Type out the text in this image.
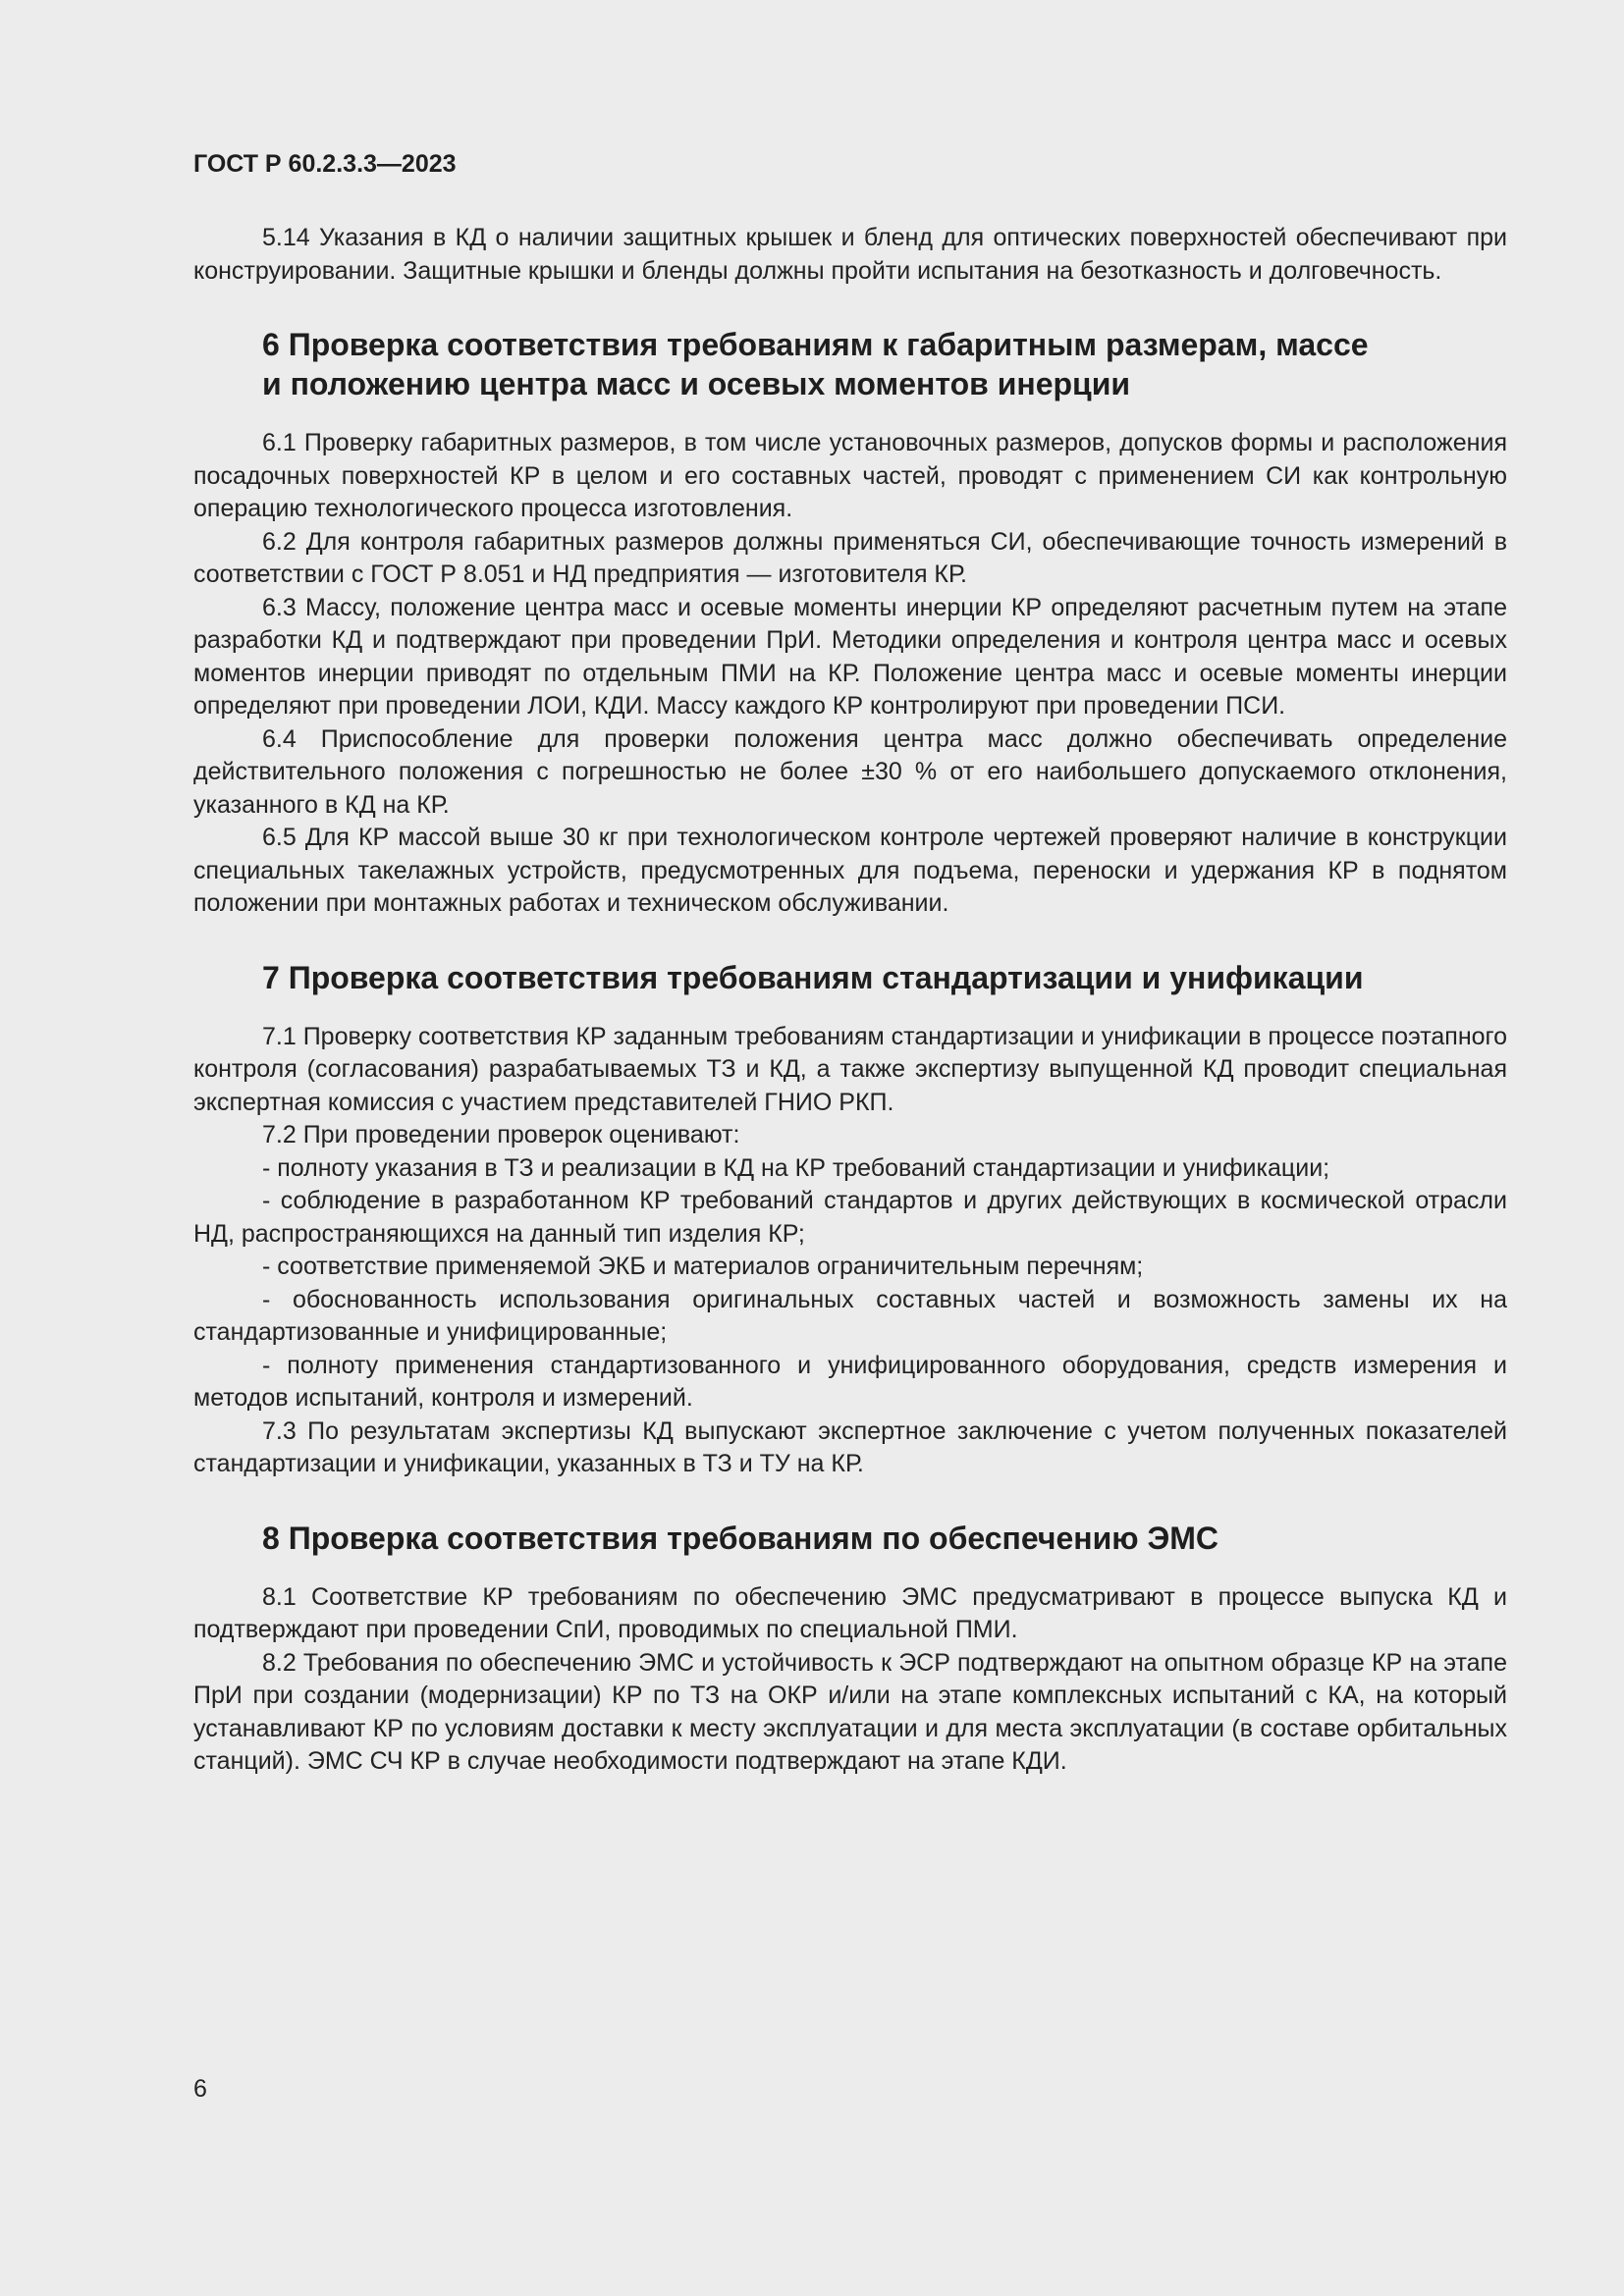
ГОСТ Р 60.2.3.3—2023

5.14 Указания в КД о наличии защитных крышек и бленд для оптических поверхностей обеспечивают при конструировании. Защитные крышки и бленды должны пройти испытания на безотказность и долговечность.

6 Проверка соответствия требованиям к габаритным размерам, массе
и положению центра масс и осевых моментов инерции

6.1 Проверку габаритных размеров, в том числе установочных размеров, допусков формы и расположения посадочных поверхностей КР в целом и его составных частей, проводят с применением СИ как контрольную операцию технологического процесса изготовления.

6.2 Для контроля габаритных размеров должны применяться СИ, обеспечивающие точность измерений в соответствии с ГОСТ Р 8.051 и НД предприятия — изготовителя КР.

6.3 Массу, положение центра масс и осевые моменты инерции КР определяют расчетным путем на этапе разработки КД и подтверждают при проведении ПрИ. Методики определения и контроля центра масс и осевых моментов инерции приводят по отдельным ПМИ на КР. Положение центра масс и осевые моменты инерции определяют при проведении ЛОИ, КДИ. Массу каждого КР контролируют при проведении ПСИ.

6.4 Приспособление для проверки положения центра масс должно обеспечивать определение действительного положения с погрешностью не более ±30 % от его наибольшего допускаемого отклонения, указанного в КД на КР.

6.5 Для КР массой выше 30 кг при технологическом контроле чертежей проверяют наличие в конструкции специальных такелажных устройств, предусмотренных для подъема, переноски и удержания КР в поднятом положении при монтажных работах и техническом обслуживании.

7 Проверка соответствия требованиям стандартизации и унификации

7.1 Проверку соответствия КР заданным требованиям стандартизации и унификации в процессе поэтапного контроля (согласования) разрабатываемых ТЗ и КД, а также экспертизу выпущенной КД проводит специальная экспертная комиссия с участием представителей ГНИО РКП.

7.2 При проведении проверок оценивают:

- полноту указания в ТЗ и реализации в КД на КР требований стандартизации и унификации;

- соблюдение в разработанном КР требований стандартов и других действующих в космической отрасли НД, распространяющихся на данный тип изделия КР;

- соответствие применяемой ЭКБ и материалов ограничительным перечням;

- обоснованность использования оригинальных составных частей и возможность замены их на стандартизованные и унифицированные;

- полноту применения стандартизованного и унифицированного оборудования, средств измерения и методов испытаний, контроля и измерений.

7.3 По результатам экспертизы КД выпускают экспертное заключение с учетом полученных показателей стандартизации и унификации, указанных в ТЗ и ТУ на КР.

8 Проверка соответствия требованиям по обеспечению ЭМС

8.1 Соответствие КР требованиям по обеспечению ЭМС предусматривают в процессе выпуска КД и подтверждают при проведении СпИ, проводимых по специальной ПМИ.

8.2 Требования по обеспечению ЭМС и устойчивость к ЭСР подтверждают на опытном образце КР на этапе ПрИ при создании (модернизации) КР по ТЗ на ОКР и/или на этапе комплексных испытаний с КА, на который устанавливают КР по условиям доставки к месту эксплуатации и для места эксплуатации (в составе орбитальных станций). ЭМС СЧ КР в случае необходимости подтверждают на этапе КДИ.

6
